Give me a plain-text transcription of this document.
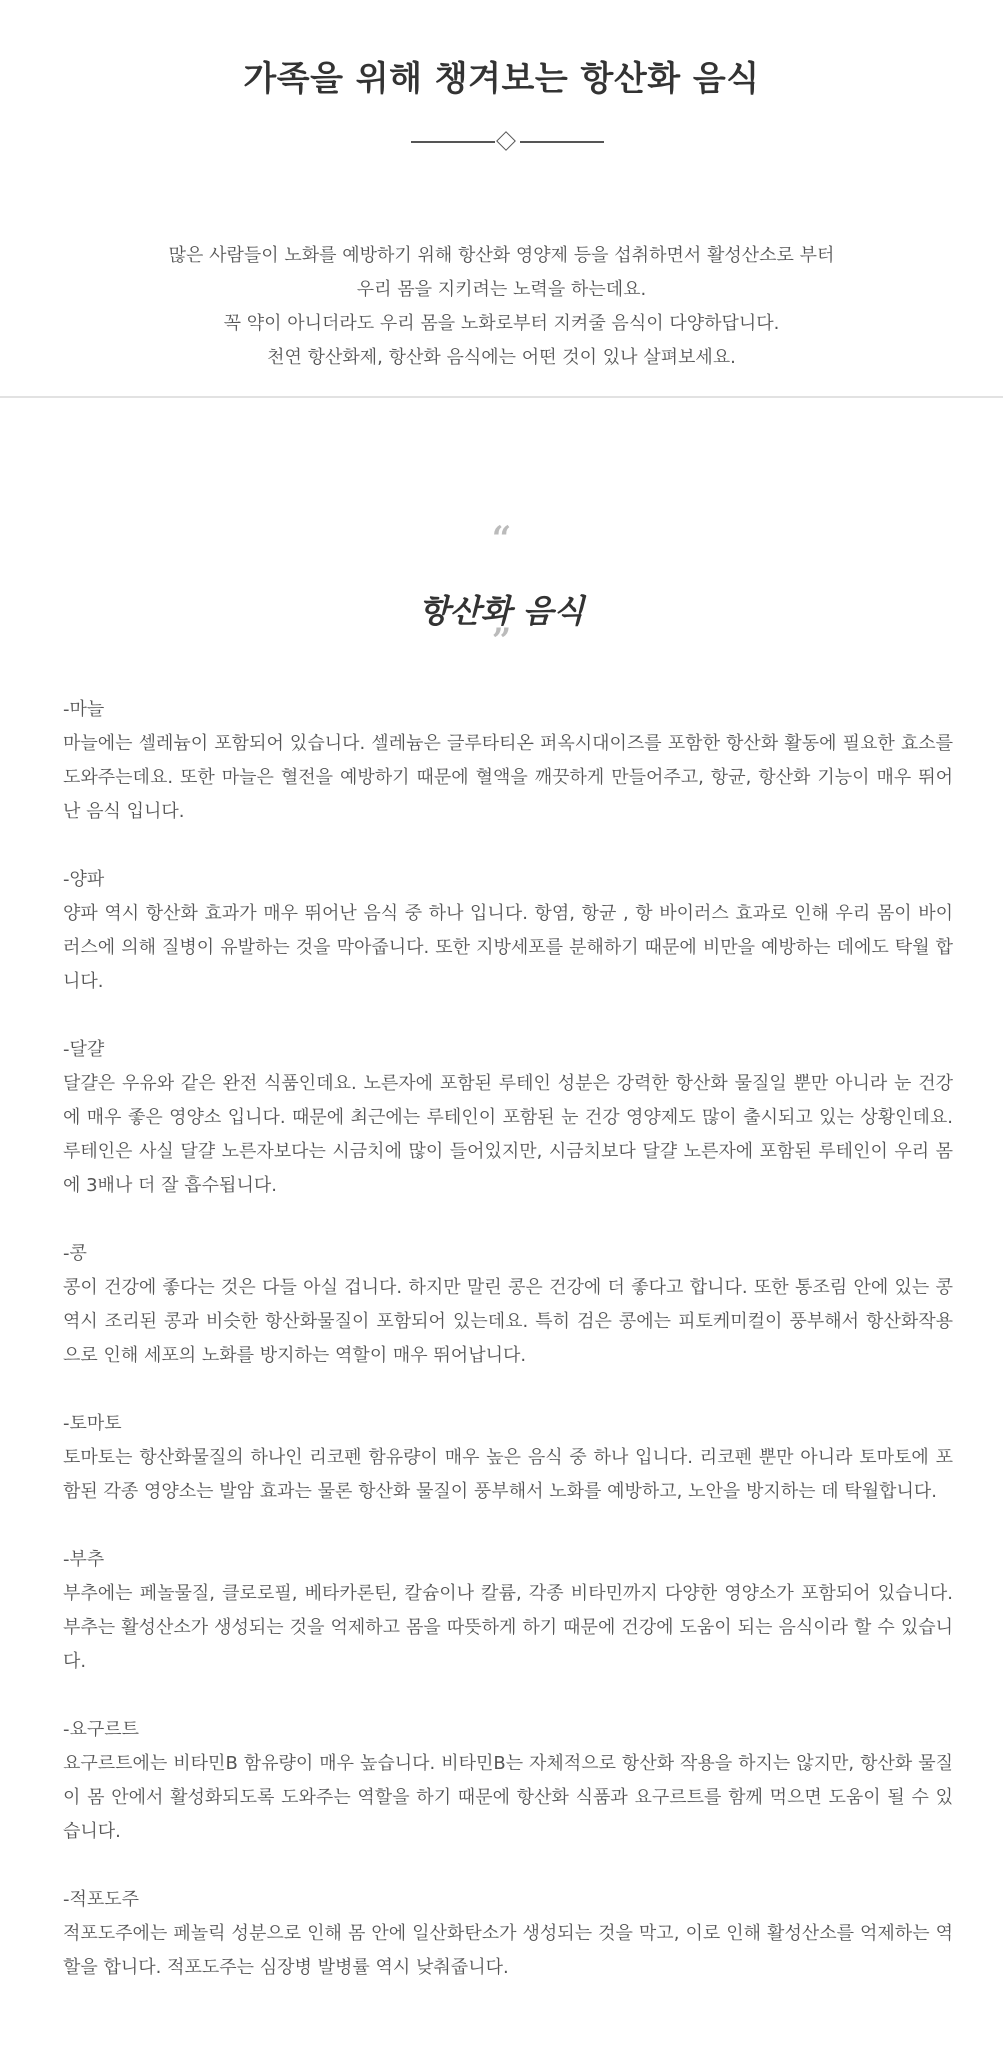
가족을 위해 챙겨보는 항산화 음식

많은 사람들이 노화를 예방하기 위해 항산화 영양제 등을 섭취하면서 활성산소로 부터

우리 몸을 지키려는 노력을 하는데요.

꼭 약이 아니더라도 우리 몸을 노화로부터 지켜줄 음식이 다양하답니다.

천연 항산화제, 항산화 음식에는 어떤 것이 있나 살펴보세요.

“
항산화 음식
”
-마늘
마늘에는 셀레늄이 포함되어 있습니다. 셀레늄은 글루타티온 퍼옥시대이즈를 포함한 항산화 활동에 필요한 효소를 도와주는데요. 또한 마늘은 혈전을 예방하기 때문에 혈액을 깨끗하게 만들어주고, 항균, 항산화 기능이 매우 뛰어난 음식 입니다.
-양파
양파 역시 항산화 효과가 매우 뛰어난 음식 중 하나 입니다. 항염, 항균 , 항 바이러스 효과로 인해 우리 몸이 바이러스에 의해 질병이 유발하는 것을 막아줍니다. 또한 지방세포를 분해하기 때문에 비만을 예방하는 데에도 탁월 합니다.
-달걀
달걀은 우유와 같은 완전 식품인데요. 노른자에 포함된 루테인 성분은 강력한 항산화 물질일 뿐만 아니라 눈 건강에 매우 좋은 영양소 입니다. 때문에 최근에는 루테인이 포함된 눈 건강 영양제도 많이 출시되고 있는 상황인데요. 루테인은 사실 달걀 노른자보다는 시금치에 많이 들어있지만, 시금치보다 달걀 노른자에 포함된 루테인이 우리 몸에 3배나 더 잘 흡수됩니다.
-콩
콩이 건강에 좋다는 것은 다들 아실 겁니다. 하지만 말린 콩은 건강에 더 좋다고 합니다. 또한 통조림 안에 있는 콩 역시 조리된 콩과 비슷한 항산화물질이 포함되어 있는데요. 특히 검은 콩에는 피토케미컬이 풍부해서 항산화작용으로 인해 세포의 노화를 방지하는 역할이 매우 뛰어납니다.
-토마토
토마토는 항산화물질의 하나인 리코펜 함유량이 매우 높은 음식 중 하나 입니다. 리코펜 뿐만 아니라 토마토에 포함된 각종 영양소는 발암 효과는 물론 항산화 물질이 풍부해서 노화를 예방하고, 노안을 방지하는 데 탁월합니다.
-부추
부추에는 페놀물질, 클로로필, 베타카론틴, 칼슘이나 칼륨, 각종 비타민까지 다양한 영양소가 포함되어 있습니다. 부추는 활성산소가 생성되는 것을 억제하고 몸을 따뜻하게 하기 때문에 건강에 도움이 되는 음식이라 할 수 있습니다.
-요구르트
요구르트에는 비타민B 함유량이 매우 높습니다. 비타민B는 자체적으로 항산화 작용을 하지는 않지만, 항산화 물질이 몸 안에서 활성화되도록 도와주는 역할을 하기 때문에 항산화 식품과 요구르트를 함께 먹으면 도움이 될 수 있습니다.
-적포도주
적포도주에는 페놀릭 성분으로 인해 몸 안에 일산화탄소가 생성되는 것을 막고, 이로 인해 활성산소를 억제하는 역할을 합니다. 적포도주는 심장병 발병률 역시 낮춰줍니다.
